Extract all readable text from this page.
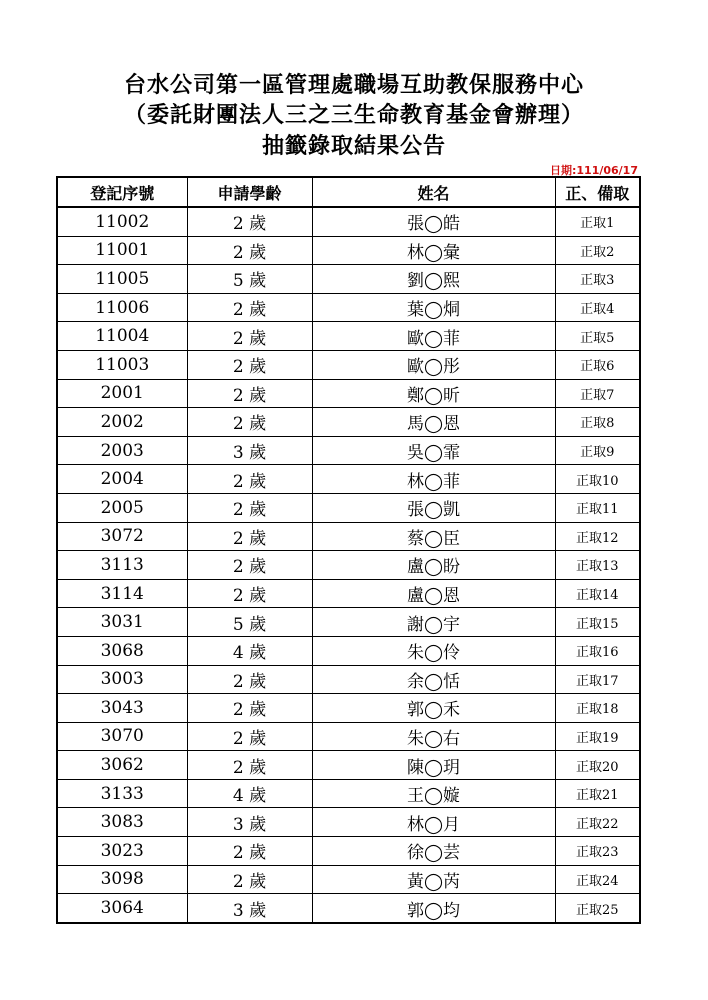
台水公司第一區管理處職場互助教保服務中心
（委託財團法人三之三生命教育基金會辦理）
抽籤錄取結果公告
日期:111/06/17
登記序號	申請學齡	姓名	正、備取
11002	2 歲	張◯皓	正取1
11001	2 歲	林◯彙	正取2
11005	5 歲	劉◯熙	正取3
11006	2 歲	葉◯烔	正取4
11004	2 歲	歐◯菲	正取5
11003	2 歲	歐◯彤	正取6
2001	2 歲	鄭◯昕	正取7
2002	2 歲	馬◯恩	正取8
2003	3 歲	吳◯霏	正取9
2004	2 歲	林◯菲	正取10
2005	2 歲	張◯凱	正取11
3072	2 歲	蔡◯臣	正取12
3113	2 歲	盧◯盼	正取13
3114	2 歲	盧◯恩	正取14
3031	5 歲	謝◯宇	正取15
3068	4 歲	朱◯伶	正取16
3003	2 歲	余◯恬	正取17
3043	2 歲	郭◯禾	正取18
3070	2 歲	朱◯右	正取19
3062	2 歲	陳◯玥	正取20
3133	4 歲	王◯嫙	正取21
3083	3 歲	林◯月	正取22
3023	2 歲	徐◯芸	正取23
3098	2 歲	黃◯芮	正取24
3064	3 歲	郭◯均	正取25
